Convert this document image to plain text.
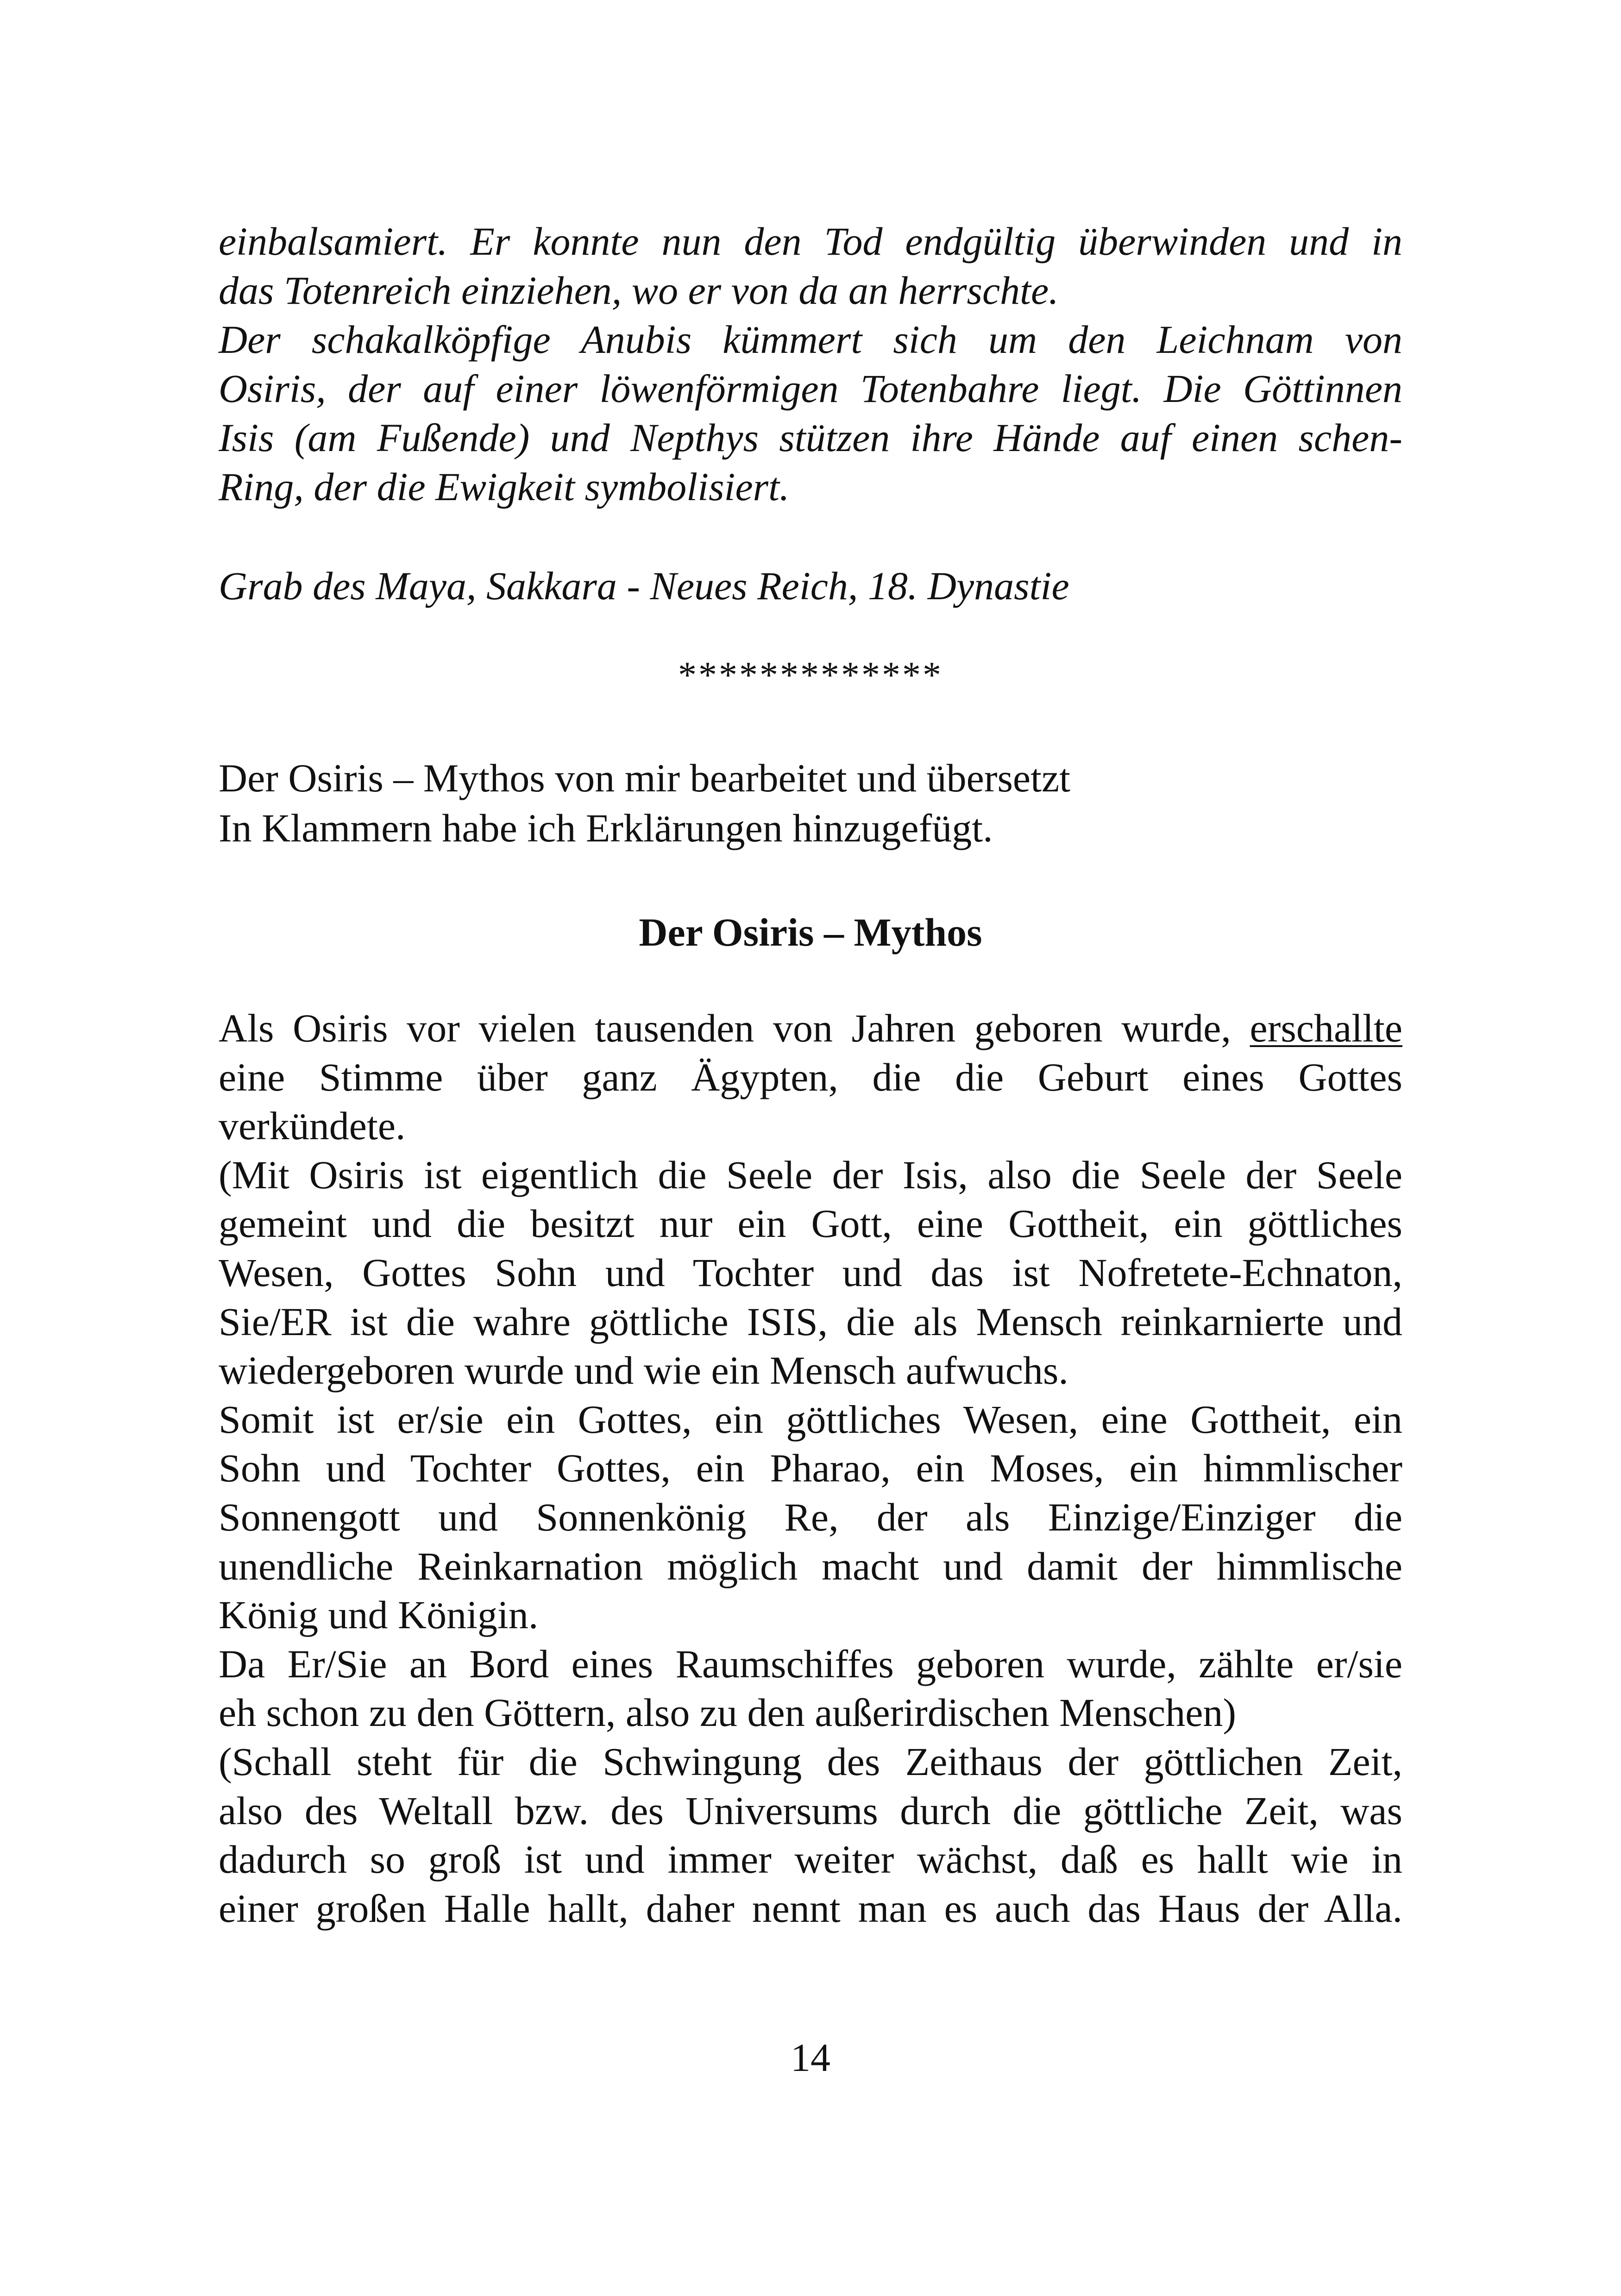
einbalsamiert. Er konnte nun den Tod endgültig überwinden und in
das Totenreich einziehen, wo er von da an herrschte.
Der schakalköpfige Anubis kümmert sich um den Leichnam von
Osiris, der auf einer löwenförmigen Totenbahre liegt. Die Göttinnen
Isis (am Fußende) und Nepthys stützen ihre Hände auf einen schen-
Ring, der die Ewigkeit symbolisiert.
Grab des Maya, Sakkara - Neues Reich, 18. Dynastie
*************
Der Osiris – Mythos von mir bearbeitet und übersetzt
In Klammern habe ich Erklärungen hinzugefügt.
Der Osiris – Mythos
Als Osiris vor vielen tausenden von Jahren geboren wurde, erschallte
eine Stimme über ganz Ägypten, die die Geburt eines Gottes
verkündete.
(Mit Osiris ist eigentlich die Seele der Isis, also die Seele der Seele
gemeint und die besitzt nur ein Gott, eine Gottheit, ein göttliches
Wesen, Gottes Sohn und Tochter und das ist Nofretete-Echnaton,
Sie/ER ist die wahre göttliche ISIS, die als Mensch reinkarnierte und
wiedergeboren wurde und wie ein Mensch aufwuchs.
Somit ist er/sie ein Gottes, ein göttliches Wesen, eine Gottheit, ein
Sohn und Tochter Gottes, ein Pharao, ein Moses, ein himmlischer
Sonnengott und Sonnenkönig Re, der als Einzige/Einziger die
unendliche Reinkarnation möglich macht und damit der himmlische
König und Königin.
Da Er/Sie an Bord eines Raumschiffes geboren wurde, zählte er/sie
eh schon zu den Göttern, also zu den außerirdischen Menschen)
(Schall steht für die Schwingung des Zeithaus der göttlichen Zeit,
also des Weltall bzw. des Universums durch die göttliche Zeit, was
dadurch so groß ist und immer weiter wächst, daß es hallt wie in
einer großen Halle hallt, daher nennt man es auch das Haus der Alla.
14
